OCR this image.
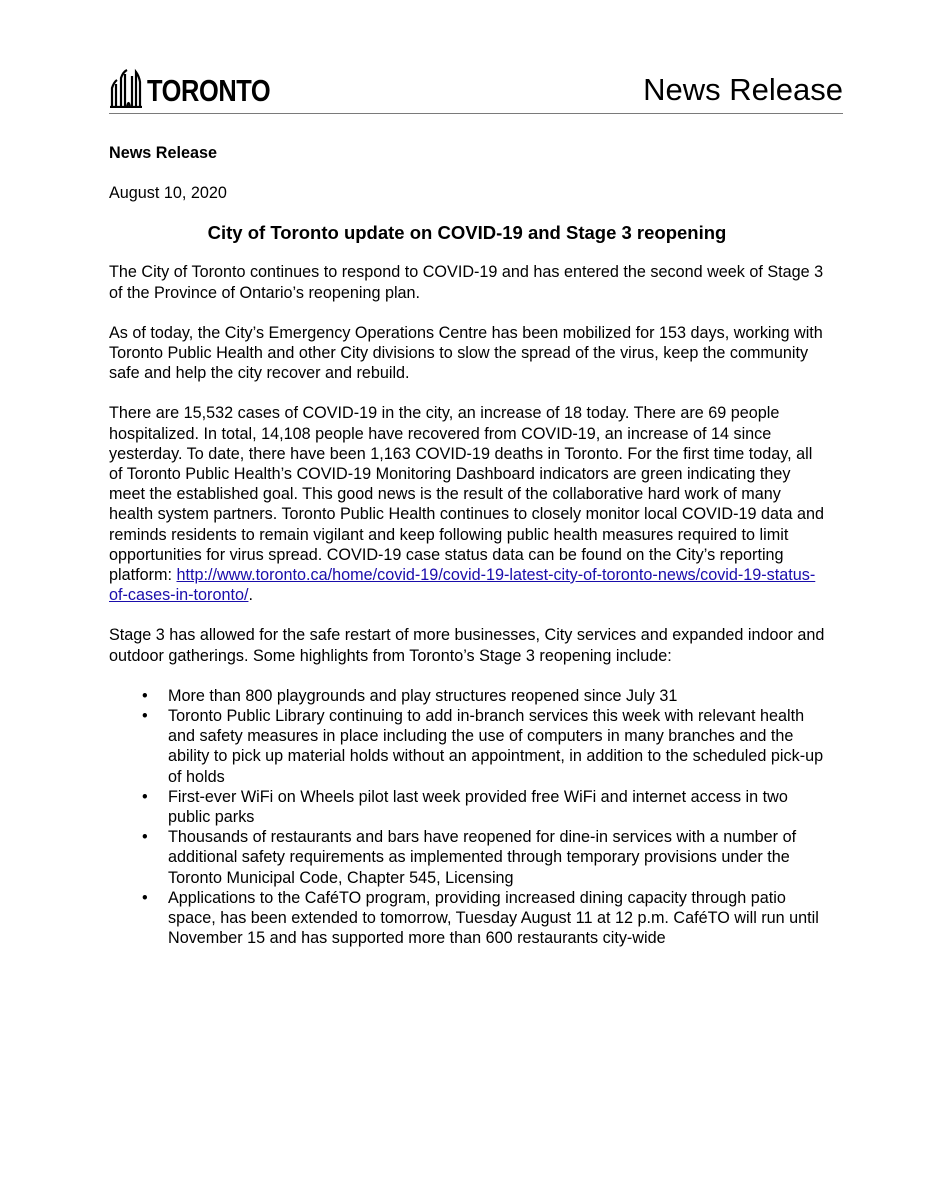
TORONTO	News Release
News Release
August 10, 2020
City of Toronto update on COVID-19 and Stage 3 reopening

The City of Toronto continues to respond to COVID-19 and has entered the second week of Stage 3 of the Province of Ontario’s reopening plan.

As of today, the City’s Emergency Operations Centre has been mobilized for 153 days, working with Toronto Public Health and other City divisions to slow the spread of the virus, keep the community safe and help the city recover and rebuild.

There are 15,532 cases of COVID-19 in the city, an increase of 18 today. There are 69 people hospitalized. In total, 14,108 people have recovered from COVID-19, an increase of 14 since yesterday. To date, there have been 1,163 COVID-19 deaths in Toronto. For the first time today, all of Toronto Public Health’s COVID-19 Monitoring Dashboard indicators are green indicating they meet the established goal. This good news is the result of the collaborative hard work of many health system partners. Toronto Public Health continues to closely monitor local COVID-19 data and reminds residents to remain vigilant and keep following public health measures required to limit opportunities for virus spread. COVID-19 case status data can be found on the City’s reporting platform: http://www.toronto.ca/home/covid-19/covid-19-latest-city-of-toronto-news/covid-19-status-of-cases-in-toronto/.

Stage 3 has allowed for the safe restart of more businesses, City services and expanded indoor and outdoor gatherings. Some highlights from Toronto’s Stage 3 reopening include:

• More than 800 playgrounds and play structures reopened since July 31
• Toronto Public Library continuing to add in-branch services this week with relevant health and safety measures in place including the use of computers in many branches and the ability to pick up material holds without an appointment, in addition to the scheduled pick-up of holds
• First-ever WiFi on Wheels pilot last week provided free WiFi and internet access in two public parks
• Thousands of restaurants and bars have reopened for dine-in services with a number of additional safety requirements as implemented through temporary provisions under the Toronto Municipal Code, Chapter 545, Licensing
• Applications to the CaféTO program, providing increased dining capacity through patio space, has been extended to tomorrow, Tuesday August 11 at 12 p.m. CaféTO will run until November 15 and has supported more than 600 restaurants city-wide
